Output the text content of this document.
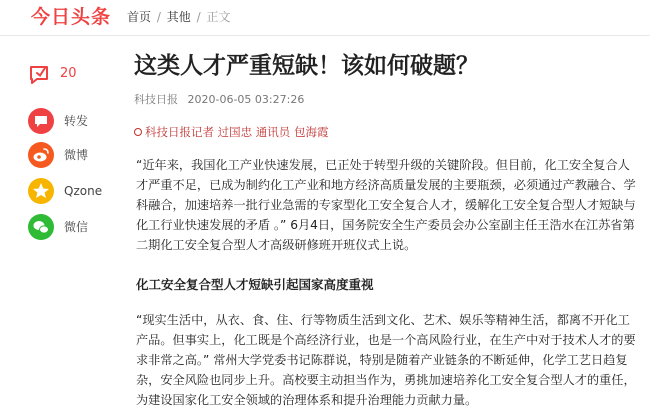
今日头条 首页 / 其他 / 正文
20
转发
微博
Qzone
微信
这类人才严重短缺！该如何破题？
科技日报 2020-06-05 03:27:26
科技日报记者 过国忠 通讯员 包海霞

“近年来，我国化工产业快速发展，已正处于转型升级的关键阶段。但目前，化工安全复合人才严重不足，已成为制约化工产业和地方经济高质量发展的主要瓶颈，必须通过产教融合、学科融合，加速培养一批行业急需的专家型化工安全复合人才，缓解化工安全复合型人才短缺与化工行业快速发展的矛盾 。” 6月4日，国务院安全生产委员会办公室副主任王浩水在江苏省第二期化工安全复合型人才高级研修班开班仪式上说。

化工安全复合型人才短缺引起国家高度重视

“现实生活中，从衣、食、住、行等物质生活到文化、艺术、娱乐等精神生活，都离不开化工产品。但事实上，化工既是个高经济行业，也是一个高风险行业，在生产中对于技术人才的要求非常之高。” 常州大学党委书记陈群说，特别是随着产业链条的不断延伸，化学工艺日趋复杂，安全风险也同步上升。高校要主动担当作为，勇挑加速培养化工安全复合型人才的重任，为建设国家化工安全领域的治理体系和提升治理能力贡献力量。
